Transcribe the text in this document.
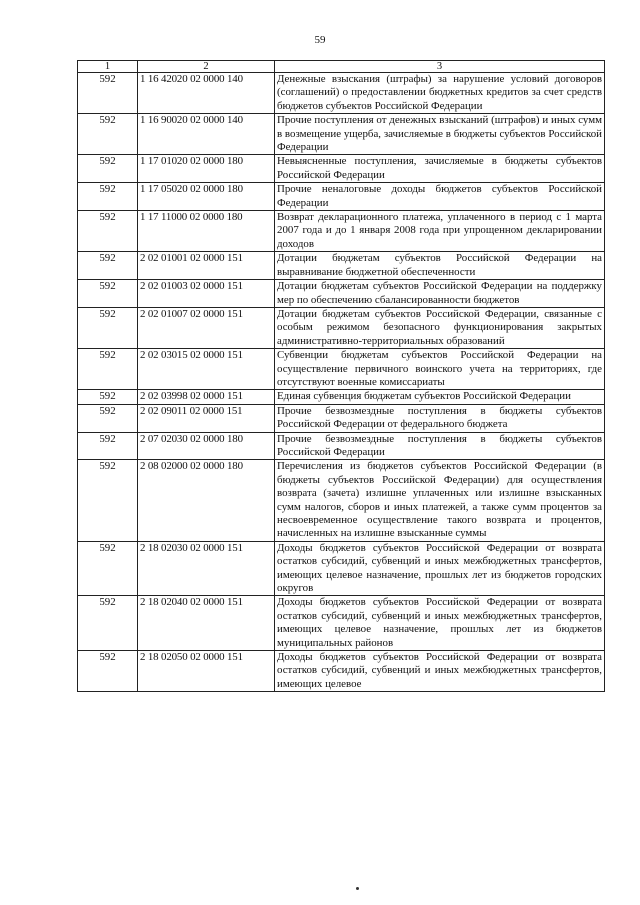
59
1	2	3
592	1 16 42020 02 0000 140	Денежные взыскания (штрафы) за нарушение условий договоров (соглашений) о предоставлении бюджетных кредитов за счет средств бюджетов субъектов Российской Федерации
592	1 16 90020 02 0000 140	Прочие поступления от денежных взысканий (штрафов) и иных сумм в возмещение ущерба, зачисляемые в бюджеты субъектов Российской Федерации
592	1 17 01020 02 0000 180	Невыясненные поступления, зачисляемые в бюджеты субъектов Российской Федерации
592	1 17 05020 02 0000 180	Прочие неналоговые доходы бюджетов субъектов Российской Федерации
592	1 17 11000 02 0000 180	Возврат декларационного платежа, уплаченного в период с 1 марта 2007 года и до 1 января 2008 года при упрощенном декларировании доходов
592	2 02 01001 02 0000 151	Дотации бюджетам субъектов Российской Федерации на выравнивание бюджетной обеспеченности
592	2 02 01003 02 0000 151	Дотации бюджетам субъектов Российской Федерации на поддержку мер по обеспечению сбалансированности бюджетов
592	2 02 01007 02 0000 151	Дотации бюджетам субъектов Российской Федерации, связанные с особым режимом безопасного функционирования закрытых административно-территориальных образований
592	2 02 03015 02 0000 151	Субвенции бюджетам субъектов Российской Федерации на осуществление первичного воинского учета на территориях, где отсутствуют военные комиссариаты
592	2 02 03998 02 0000 151	Единая субвенция бюджетам субъектов Российской Федерации
592	2 02 09011 02 0000 151	Прочие безвозмездные поступления в бюджеты субъектов Российской Федерации от федерального бюджета
592	2 07 02030 02 0000 180	Прочие безвозмездные поступления в бюджеты субъектов Российской Федерации
592	2 08 02000 02 0000 180	Перечисления из бюджетов субъектов Российской Федерации (в бюджеты субъектов Российской Федерации) для осуществления возврата (зачета) излишне уплаченных или излишне взысканных сумм налогов, сборов и иных платежей, а также сумм процентов за несвоевременное осуществление такого возврата и процентов, начисленных на излишне взысканные суммы
592	2 18 02030 02 0000 151	Доходы бюджетов субъектов Российской Федерации от возврата остатков субсидий, субвенций и иных межбюджетных трансфертов, имеющих целевое назначение, прошлых лет из бюджетов городских округов
592	2 18 02040 02 0000 151	Доходы бюджетов субъектов Российской Федерации от возврата остатков субсидий, субвенций и иных межбюджетных трансфертов, имеющих целевое назначение, прошлых лет из бюджетов муниципальных районов
592	2 18 02050 02 0000 151	Доходы бюджетов субъектов Российской Федерации от возврата остатков субсидий, субвенций и иных межбюджетных трансфертов, имеющих целевое
